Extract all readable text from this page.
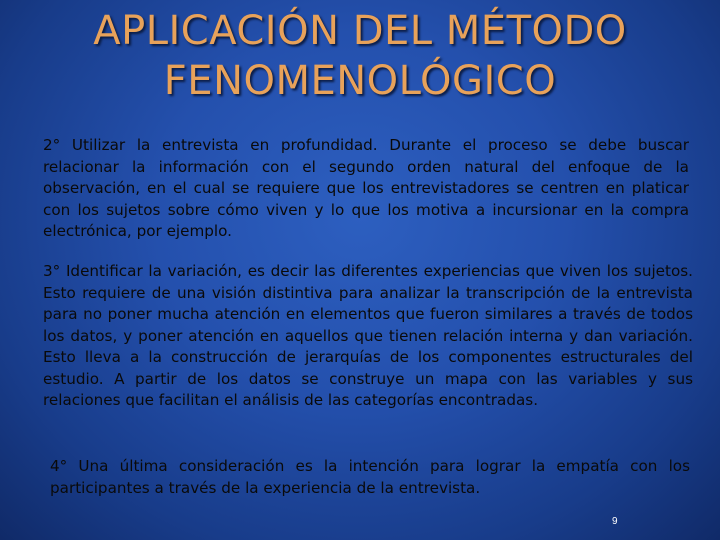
APLICACIÓN DEL MÉTODO
FENOMENOLÓGICO

2° Utilizar la entrevista en profundidad. Durante el proceso se debe buscar relacionar la información con el segundo orden natural del enfoque de la observación, en el cual se requiere que los entrevistadores se centren en platicar con los sujetos sobre cómo viven y lo que los motiva a incursionar en la compra electrónica, por ejemplo.

3° Identificar la variación, es decir las diferentes experiencias que viven los sujetos. Esto requiere de una visión distintiva para analizar la transcripción de la entrevista para no poner mucha atención en elementos que fueron similares a través de todos los datos, y poner atención en aquellos que tienen relación interna y dan variación. Esto lleva a la construcción de jerarquías de los componentes estructurales del estudio. A partir de los datos se construye un mapa con las variables y sus relaciones que facilitan el análisis de las categorías encontradas.

4° Una última consideración es la intención para lograr la empatía con los participantes a través de la experiencia de la entrevista.

9
